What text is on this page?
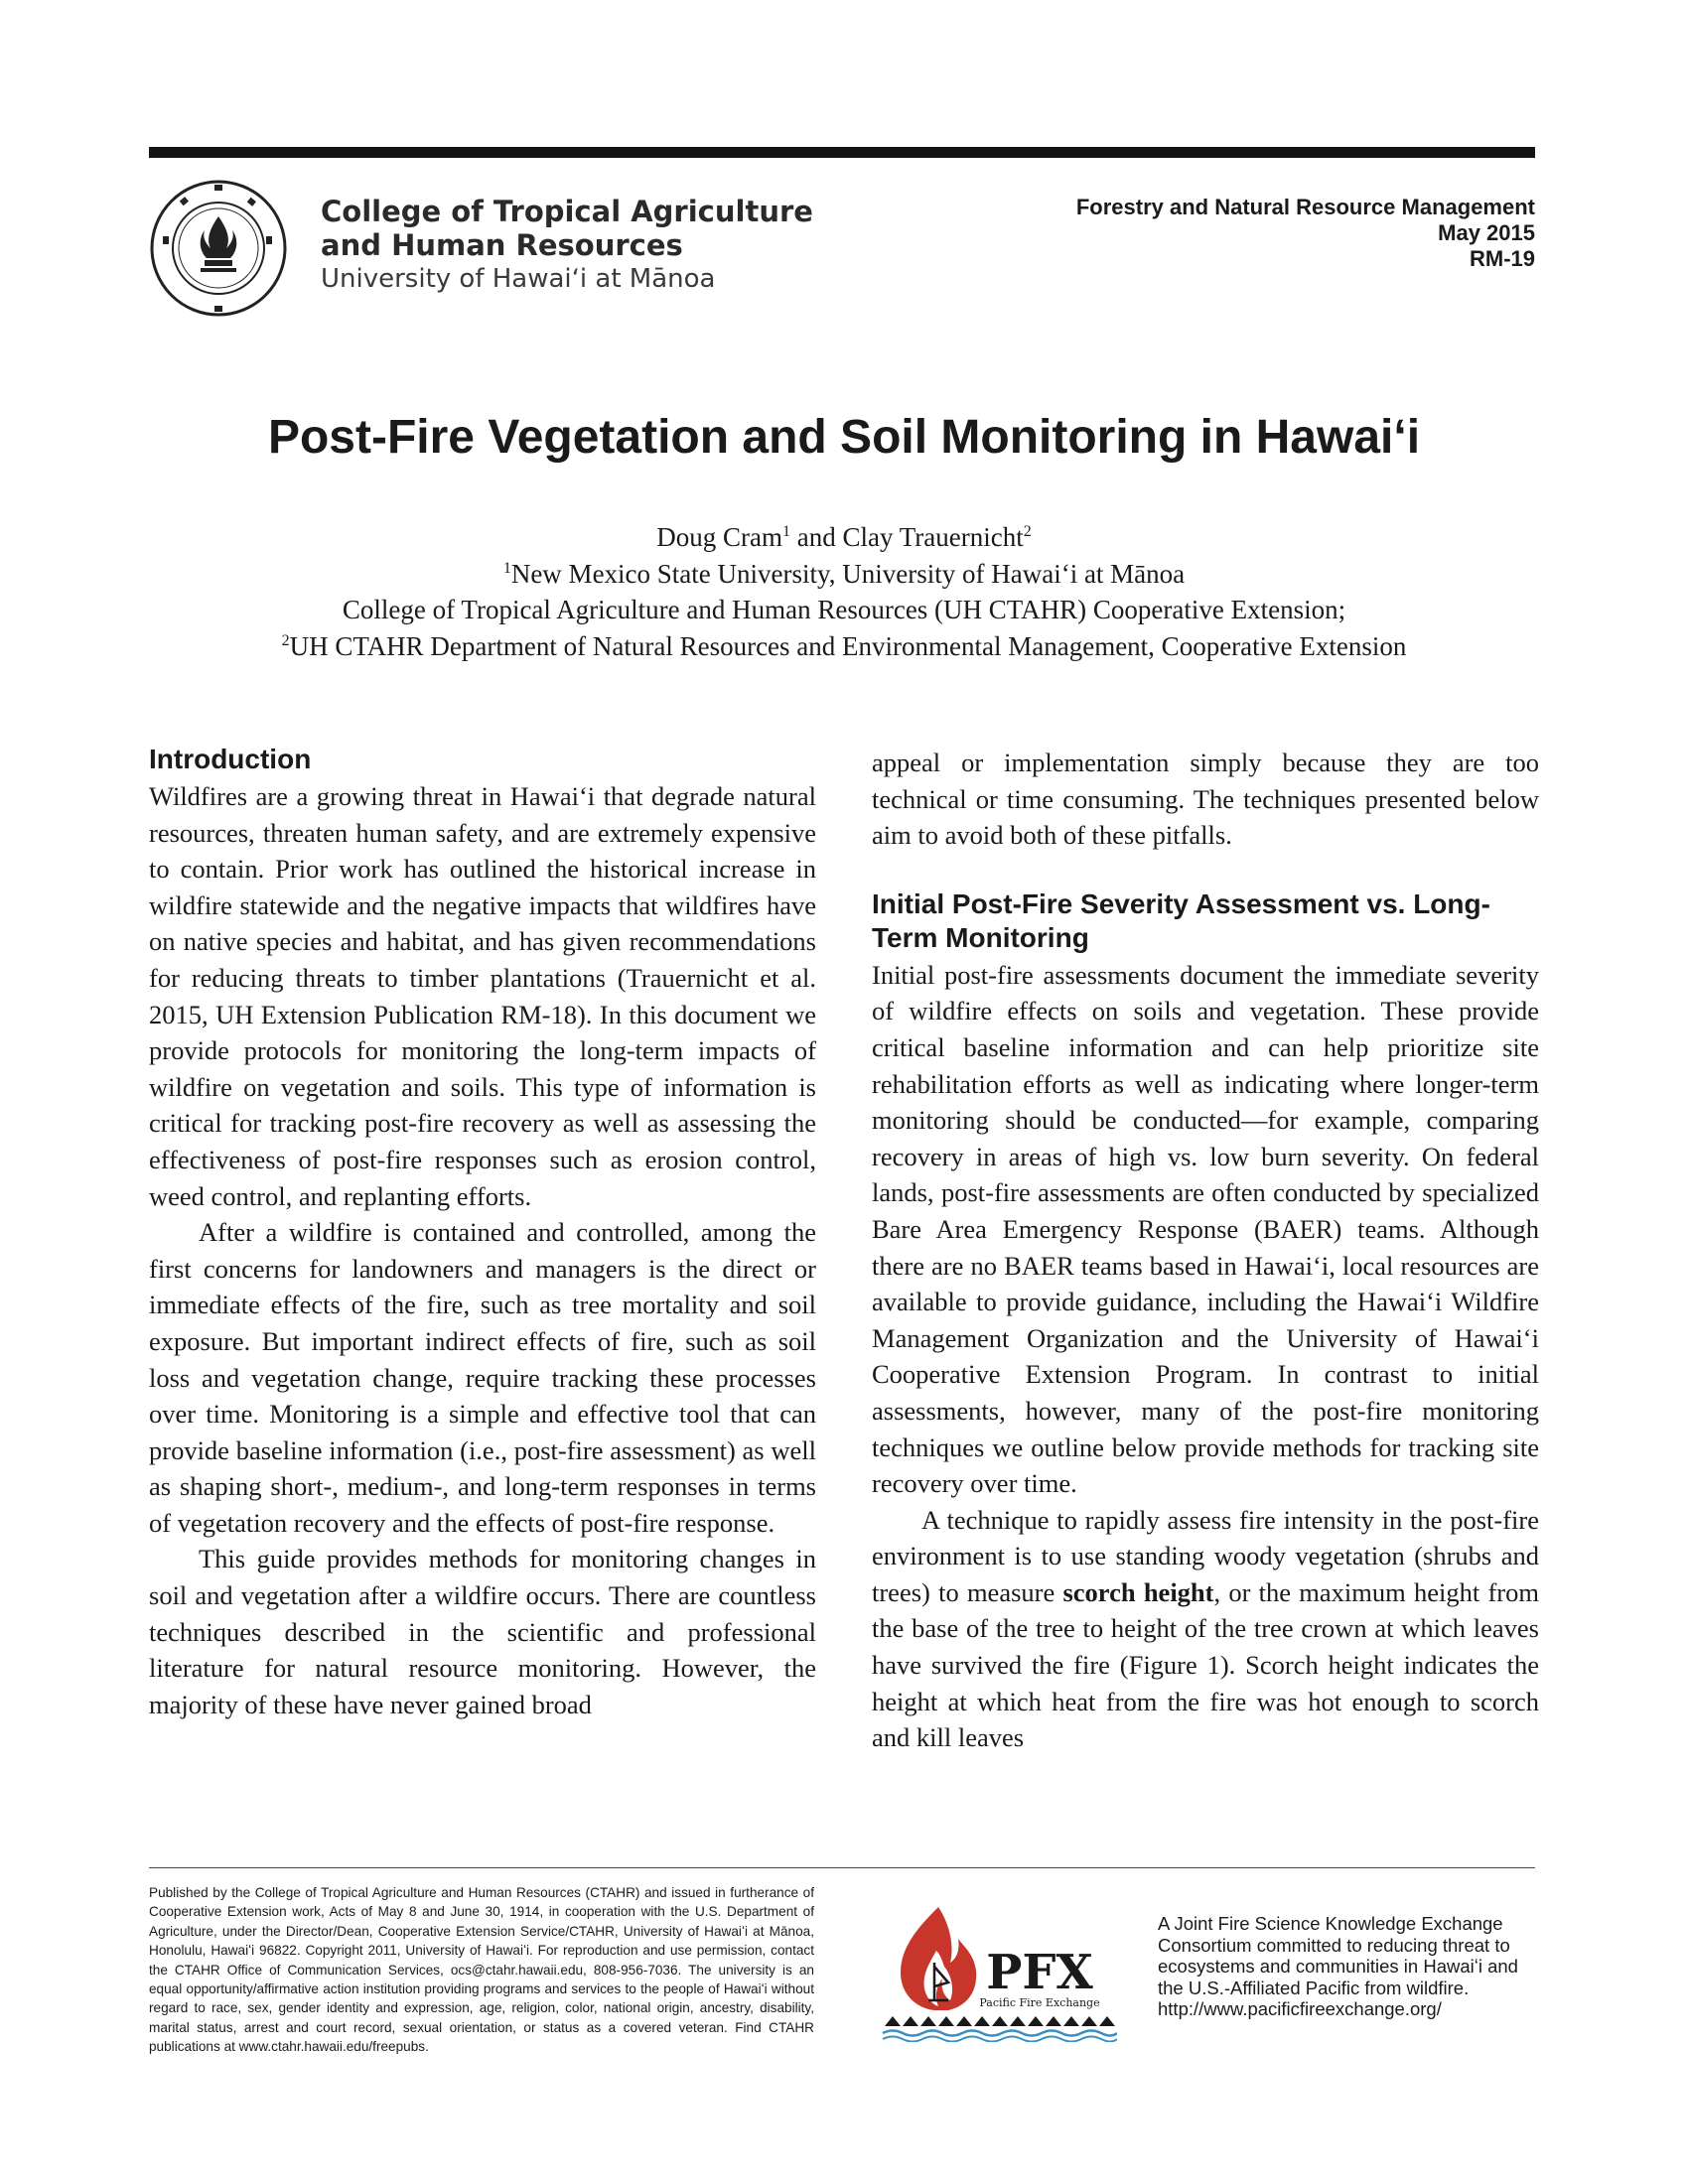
College of Tropical Agriculture

and Human Resources

University of Hawaiʻi at Mānoa

Forestry and Natural Resource Management
May 2015
RM-19
Post-Fire Vegetation and Soil Monitoring in Hawaiʻi
Doug Cram$^1$ and Clay Trauernicht$^2$
$^1$New Mexico State University, University of Hawaiʻi at Mānoa
College of Tropical Agriculture and Human Resources (UH CTAHR) Cooperative Extension;
$^2$UH CTAHR Department of Natural Resources and Environmental Management, Cooperative Extension
Introduction

Wildfires are a growing threat in Hawaiʻi that degrade natural resources, threaten human safety, and are extremely expensive to contain. Prior work has outlined the historical increase in wildfire statewide and the negative impacts that wildfires have on native species and habitat, and has given recommendations for reducing threats to timber plantations (Trauernicht et al. 2015, UH Extension Publication RM-18). In this document we provide protocols for monitoring the long-term impacts of wildfire on vegetation and soils. This type of information is critical for tracking post-fire recovery as well as assessing the effectiveness of post-fire responses such as erosion control, weed control, and replanting efforts.

After a wildfire is contained and controlled, among the first concerns for landowners and managers is the direct or immediate effects of the fire, such as tree mortality and soil exposure. But important indirect effects of fire, such as soil loss and vegetation change, require tracking these processes over time. Monitoring is a simple and effective tool that can provide baseline information (i.e., post-fire assessment) as well as shaping short-, medium-, and long-term responses in terms of vegetation recovery and the effects of post-fire response.

This guide provides methods for monitoring changes in soil and vegetation after a wildfire occurs. There are countless techniques described in the scientific and professional literature for natural resource monitoring. However, the majority of these have never gained broad

appeal or implementation simply because they are too technical or time consuming. The techniques presented below aim to avoid both of these pitfalls.

Initial Post-Fire Severity Assessment vs. Long-Term Monitoring

Initial post-fire assessments document the immediate severity of wildfire effects on soils and vegetation. These provide critical baseline information and can help prioritize site rehabilitation efforts as well as indicating where longer-term monitoring should be conducted—for example, comparing recovery in areas of high vs. low burn severity. On federal lands, post-fire assessments are often conducted by specialized Bare Area Emergency Response (BAER) teams. Although there are no BAER teams based in Hawaiʻi, local resources are available to provide guidance, including the Hawaiʻi Wildfire Management Organization and the University of Hawaiʻi Cooperative Extension Program. In contrast to initial assessments, however, many of the post-fire monitoring techniques we outline below provide methods for tracking site recovery over time.

A technique to rapidly assess fire intensity in the post-fire environment is to use standing woody vegetation (shrubs and trees) to measure scorch height, or the maximum height from the base of the tree to height of the tree crown at which leaves have survived the fire (Figure 1). Scorch height indicates the height at which heat from the fire was hot enough to scorch and kill leaves

Published by the College of Tropical Agriculture and Human Resources (CTAHR) and issued in furtherance of Cooperative Extension work, Acts of May 8 and June 30, 1914, in cooperation with the U.S. Department of Agriculture, under the Director/Dean, Cooperative Extension Service/CTAHR, University of Hawaiʻi at Mānoa, Honolulu, Hawaiʻi 96822. Copyright 2011, University of Hawaiʻi. For reproduction and use permission, contact the CTAHR Office of Communication Services, ocs@ctahr.hawaii.edu, 808-956-7036. The university is an equal opportunity/affirmative action institution providing programs and services to the people of Hawaiʻi without regard to race, sex, gender identity and expression, age, religion, color, national origin, ancestry, disability, marital status, arrest and court record, sexual orientation, or status as a covered veteran. Find CTAHR publications at www.ctahr.hawaii.edu/freepubs.

PFX
Pacific Fire Exchange

A Joint Fire Science Knowledge Exchange Consortium committed to reducing threat to ecosystems and communities in Hawaiʻi and the U.S.-Affiliated Pacific from wildfire. http://www.pacificfireexchange.org/
